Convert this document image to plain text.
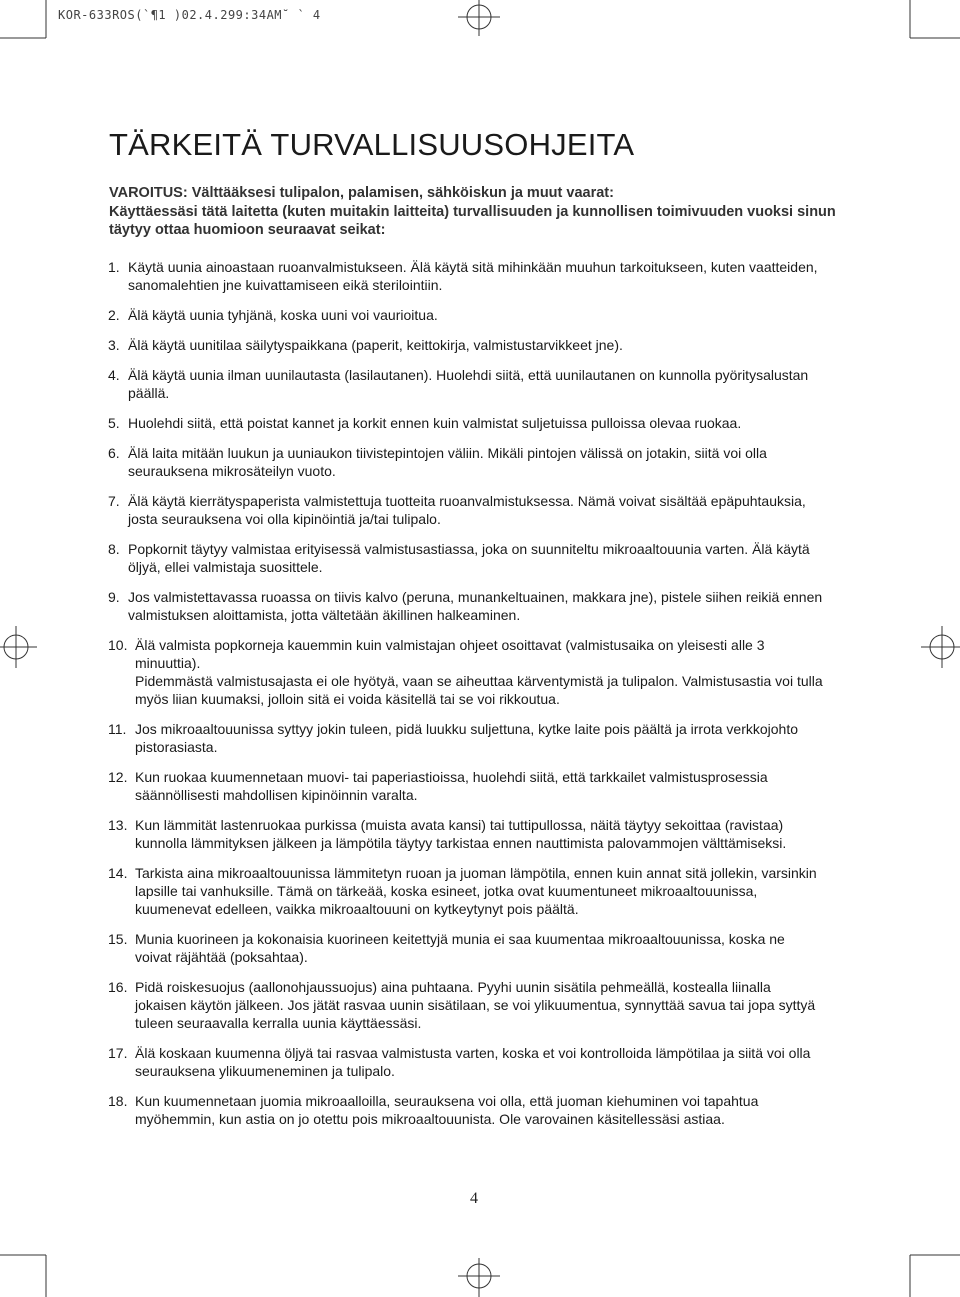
KOR-633ROS(`¶1 )02.4.299:34AM˘ ` 4
TÄRKEITÄ TURVALLISUUSOHJEITA
VAROITUS: Välttääksesi tulipalon, palamisen, sähköiskun ja muut vaarat:
Käyttäessäsi tätä laitetta (kuten muitakin laitteita) turvallisuuden ja kunnollisen toimivuuden vuoksi sinun
täytyy ottaa huomioon seuraavat seikat:
1. Käytä uunia ainoastaan ruoanvalmistukseen. Älä käytä sitä mihinkään muuhun tarkoitukseen, kuten vaatteiden,
sanomalehtien jne kuivattamiseen eikä sterilointiin.
2. Älä käytä uunia tyhjänä, koska uuni voi vaurioitua.
3. Älä käytä uunitilaa säilytyspaikkana (paperit, keittokirja, valmistustarvikkeet jne).
4. Älä käytä uunia ilman uunilautasta (lasilautanen). Huolehdi siitä, että uunilautanen on kunnolla pyöritysalustan
päällä.
5. Huolehdi siitä, että poistat kannet ja korkit ennen kuin valmistat suljetuissa pulloissa olevaa ruokaa.
6. Älä laita mitään luukun ja uuniaukon tiivistepintojen väliin. Mikäli pintojen välissä on jotakin, siitä voi olla
seurauksena mikrosäteilyn vuoto.
7. Älä käytä kierrätyspaperista valmistettuja tuotteita ruoanvalmistuksessa. Nämä voivat sisältää epäpuhtauksia,
josta seurauksena voi olla kipinöintiä ja/tai tulipalo.
8. Popkornit täytyy valmistaa erityisessä valmistusastiassa, joka on suunniteltu mikroaaltouunia varten. Älä käytä
öljyä, ellei valmistaja suosittele.
9. Jos valmistettavassa ruoassa on tiivis kalvo (peruna, munankeltuainen, makkara jne), pistele siihen reikiä ennen
valmistuksen aloittamista, jotta vältetään äkillinen halkeaminen.
10. Älä valmista popkorneja kauemmin kuin valmistajan ohjeet osoittavat (valmistusaika on yleisesti alle 3
minuuttia).
Pidemmästä valmistusajasta ei ole hyötyä, vaan se aiheuttaa kärventymistä ja tulipalon. Valmistusastia voi tulla
myös liian kuumaksi, jolloin sitä ei voida käsitellä tai se voi rikkoutua.
11. Jos mikroaaltouunissa syttyy jokin tuleen, pidä luukku suljettuna, kytke laite pois päältä ja irrota verkkojohto
pistorasiasta.
12. Kun ruokaa kuumennetaan muovi- tai paperiastioissa, huolehdi siitä, että tarkkailet valmistusprosessia
säännöllisesti mahdollisen kipinöinnin varalta.
13. Kun lämmität lastenruokaa purkissa (muista avata kansi) tai tuttipullossa, näitä täytyy sekoittaa (ravistaa)
kunnolla lämmityksen jälkeen ja lämpötila täytyy tarkistaa ennen nauttimista palovammojen välttämiseksi.
14. Tarkista aina mikroaaltouunissa lämmitetyn ruoan ja juoman lämpötila, ennen kuin annat sitä jollekin, varsinkin
lapsille tai vanhuksille. Tämä on tärkeää, koska esineet, jotka ovat kuumentuneet mikroaaltouunissa,
kuumenevat edelleen, vaikka mikroaaltouuni on kytkeytynyt pois päältä.
15. Munia kuorineen ja kokonaisia kuorineen keitettyjä munia ei saa kuumentaa mikroaaltouunissa, koska ne
voivat räjähtää (poksahtaa).
16. Pidä roiskesuojus (aallonohjaussuojus) aina puhtaana. Pyyhi uunin sisätila pehmeällä, kostealla liinalla
jokaisen käytön jälkeen. Jos jätät rasvaa uunin sisätilaan, se voi ylikuumentua, synnyttää savua tai jopa syttyä
tuleen seuraavalla kerralla uunia käyttäessäsi.
17. Älä koskaan kuumenna öljyä tai rasvaa valmistusta varten, koska et voi kontrolloida lämpötilaa ja siitä voi olla
seurauksena ylikuumeneminen ja tulipalo.
18. Kun kuumennetaan juomia mikroaalloilla, seurauksena voi olla, että juoman kiehuminen voi tapahtua
myöhemmin, kun astia on jo otettu pois mikroaaltouunista. Ole varovainen käsitellessäsi astiaa.
4
